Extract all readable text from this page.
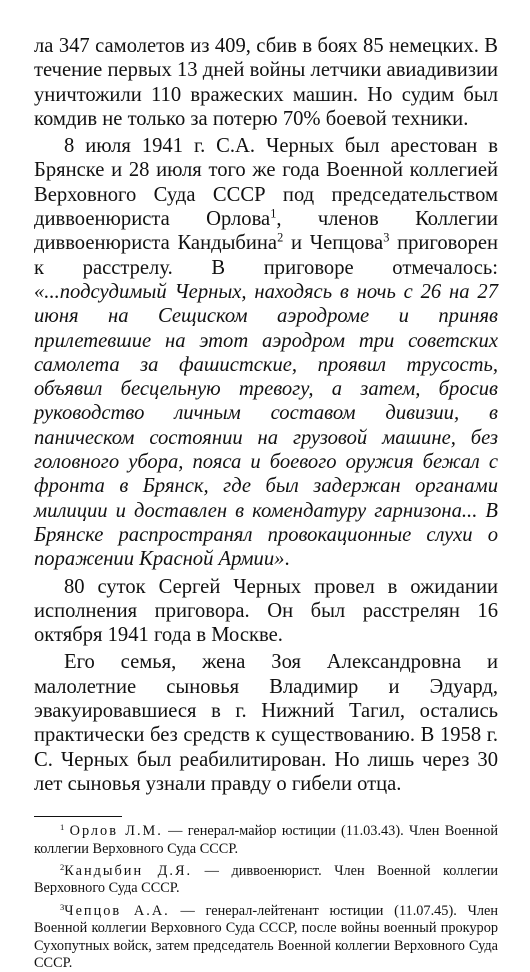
ла 347 самолетов из 409, сбив в боях 85 немецких. В течение первых 13 дней войны летчики авиадивизии уничтожили 110 вражеских машин. Но судим был комдив не только за потерю 70% боевой техники.

8 июля 1941 г. С.А. Черных был арестован в Брянске и 28 июля того же года Военной коллегией Верховного Суда СССР под председательством диввоенюриста Орлова$^1$, членов Коллегии диввоенюриста Кандыбина$^2$ и Чепцова$^3$ приговорен к расстрелу. В приговоре отмечалось: «...подсудимый Черных, находясь в ночь с 26 на 27 июня на Сещиском аэродроме и приняв прилетевшие на этот аэродром три советских самолета за фашистские, проявил трусость, объявил бесцельную тревогу, а затем, бросив руководство личным составом дивизии, в паническом состоянии на грузовой машине, без головного убора, пояса и боевого оружия бежал с фронта в Брянск, где был задержан органами милиции и доставлен в комендатуру гарнизона... В Брянске распространял провокационные слухи о поражении Красной Армии».

80 суток Сергей Черных провел в ожидании исполнения приговора. Он был расстрелян 16 октября 1941 года в Москве.

Его семья, жена Зоя Александровна и малолетние сыновья Владимир и Эдуард, эвакуировавшиеся в г. Нижний Тагил, остались практически без средств к существованию. В 1958 г. С. Черных был реабилитирован. Но лишь через 30 лет сыновья узнали правду о гибели отца.

$^1$ Орлов Л.М. — генерал-майор юстиции (11.03.43). Член Военной коллегии Верховного Суда СССР.

$^2$Кандыбин Д.Я. — диввоенюрист. Член Военной коллегии Верховного Суда СССР.

$^3$Чепцов А.А. — генерал-лейтенант юстиции (11.07.45). Член Военной коллегии Верховного Суда СССР, после войны военный прокурор Сухопутных войск, затем председатель Военной коллегии Верховного Суда СССР.
